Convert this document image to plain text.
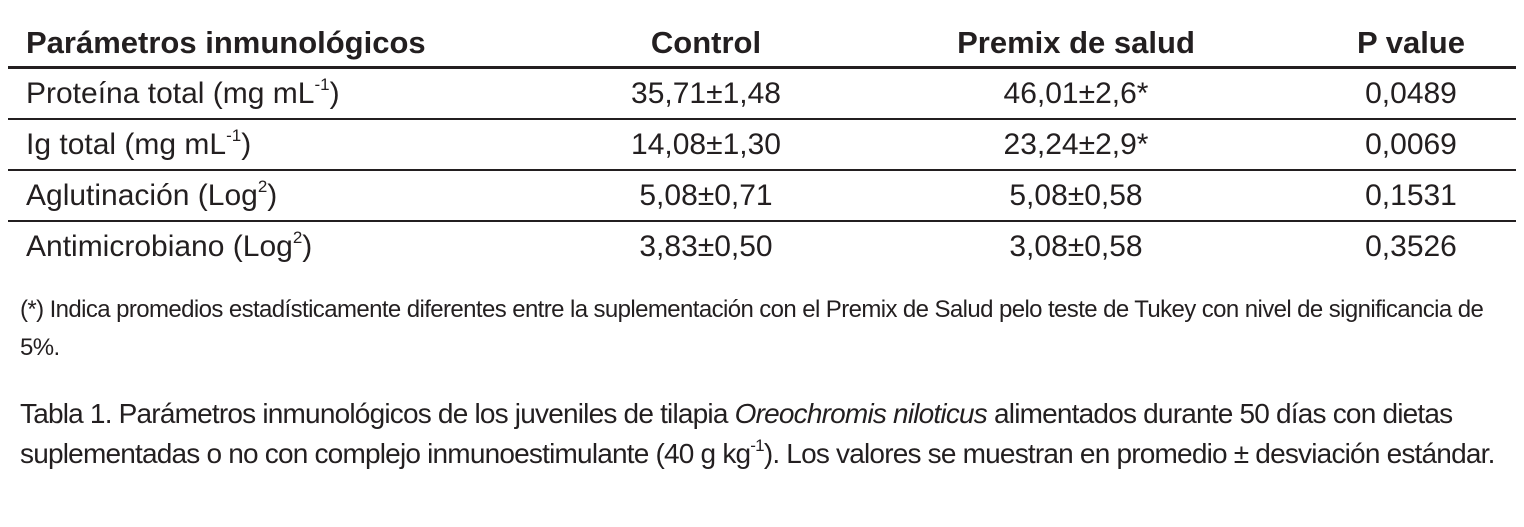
Parámetros inmunológicos	Control	Premix de salud	P value
Proteína total (mg $mL^{-1}$)	35,71±1,48	46,01±2,6*	0,0489
Ig total (mg $mL^{-1}$)	14,08±1,30	23,24±2,9*	0,0069
Aglutinación (Log$^2$)	5,08±0,71	5,08±0,58	0,1531
Antimicrobiano (Log$^2$)	3,83±0,50	3,08±0,58	0,3526

(*) Indica promedios estadísticamente diferentes entre la suplementación con el Premix de Salud pelo teste de Tukey con nivel de significancia de 5%.

Tabla 1. Parámetros inmunológicos de los juveniles de tilapia Oreochromis niloticus alimentados durante 50 días con dietas suplementadas o no con complejo inmunoestimulante (40 g $kg^{-1}$). Los valores se muestran en promedio ± desviación estándar.
